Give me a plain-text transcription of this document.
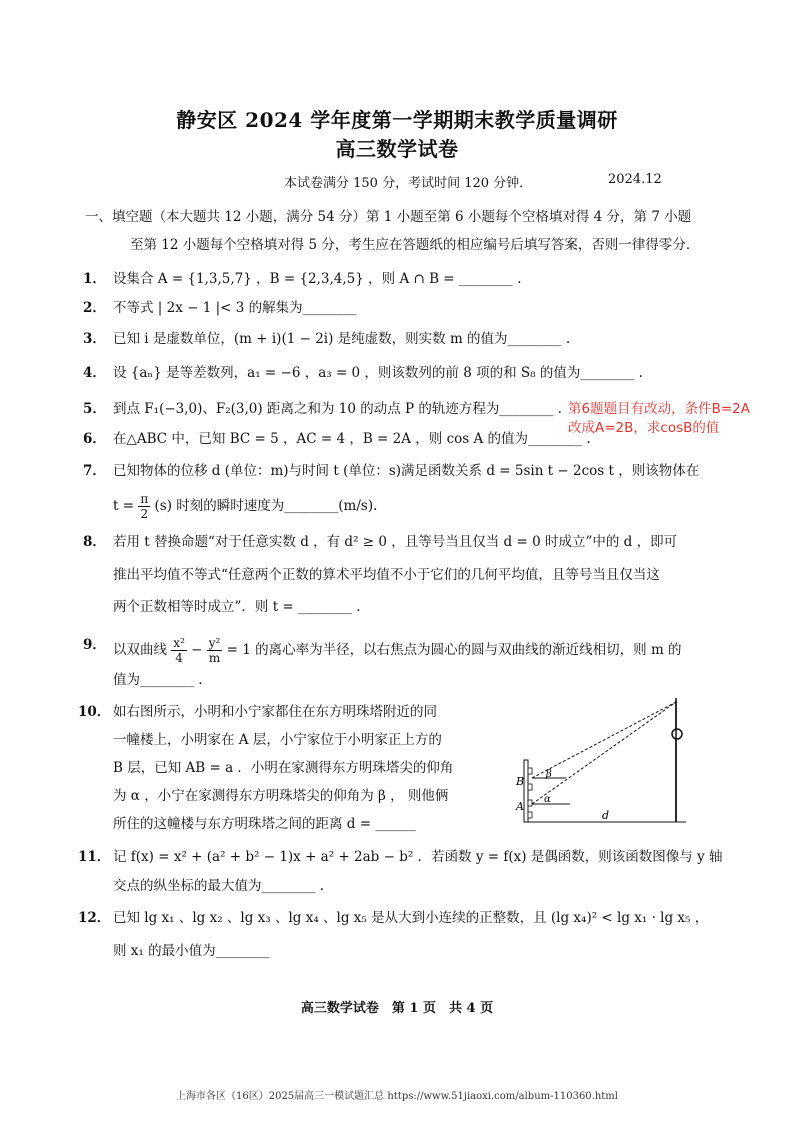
静安区 2024 学年度第一学期期末教学质量调研
高三数学试卷
本试卷满分 150 分，考试时间 120 分钟．	2024.12
一、填空题（本大题共 12 小题，满分 54 分）第 1 小题至第 6 小题每个空格填对得 4 分，第 7 小题
至第 12 小题每个空格填对得 5 分，考生应在答题纸的相应编号后填写答案，否则一律得零分．
1． 设集合 A = {1,3,5,7} ，B = {2,3,4,5} ，则 A ∩ B = ________ .
2． 不等式 | 2x − 1 |< 3 的解集为________
3． 已知 i 是虚数单位，(m + i)(1 − 2i) 是纯虚数，则实数 m 的值为________ .
4． 设 {aₙ} 是等差数列，a₁ = −6 ，a₃ = 0 ，则该数列的前 8 项的和 S₈ 的值为________ .
5． 到点 F₁(−3,0)、F₂(3,0) 距离之和为 10 的动点 P 的轨迹方程为________ .
6． 在△ABC 中，已知 BC = 5 ，AC = 4 ，B = 2A ，则 cos A 的值为________ .
第6题题目有改动，条件B=2A
改成A=2B，求cosB的值
7． 已知物体的位移 d (单位：m)与时间 t (单位：s)满足函数关系 d = 5sin t − 2cos t ，则该物体在
$t = \frac{\pi}{2} (s)$ 时刻的瞬时速度为________(m/s).
8． 若用 t 替换命题“对于任意实数 d ，有 d² ≥ 0 ，且等号当且仅当 d = 0 时成立”中的 d ，即可
推出平均值不等式“任意两个正数的算术平均值不小于它们的几何平均值，且等号当且仅当这
两个正数相等时成立”．则 t = ________ .
9． 以双曲线 $\frac{\text{x²}}{4} - \frac{\text{y²}}{m} = 1$ 的离心率为半径，以右焦点为圆心的圆与双曲线的渐近线相切，则 m 的
值为________ .
10． 如右图所示，小明和小宁家都住在东方明珠塔附近的同
一幢楼上，小明家在 A 层，小宁家位于小明家正上方的
B 层，已知 AB = a ．小明在家测得东方明珠塔尖的仰角
为 α ，小宁在家测得东方明珠塔尖的仰角为 β ， 则他俩
所住的这幢楼与东方明珠塔之间的距离 d = ______
B
A
β
α
d
11． 记 f(x) = x² + (a² + b² − 1)x + a² + 2ab − b² ．若函数 y = f(x) 是偶函数，则该函数图像与 y 轴
交点的纵坐标的最大值为________ .
12． 已知 lg x₁ 、lg x₂ 、lg x₃ 、lg x₄ 、lg x₅ 是从大到小连续的正整数，且 (lg x₄)² < lg x₁ · lg x₅ ，
则 x₁ 的最小值为________
高三数学试卷　第 1 页　共 4 页
上海市各区（16区）2025届高三一模试题汇总 https://www.51jiaoxi.com/album-110360.html
